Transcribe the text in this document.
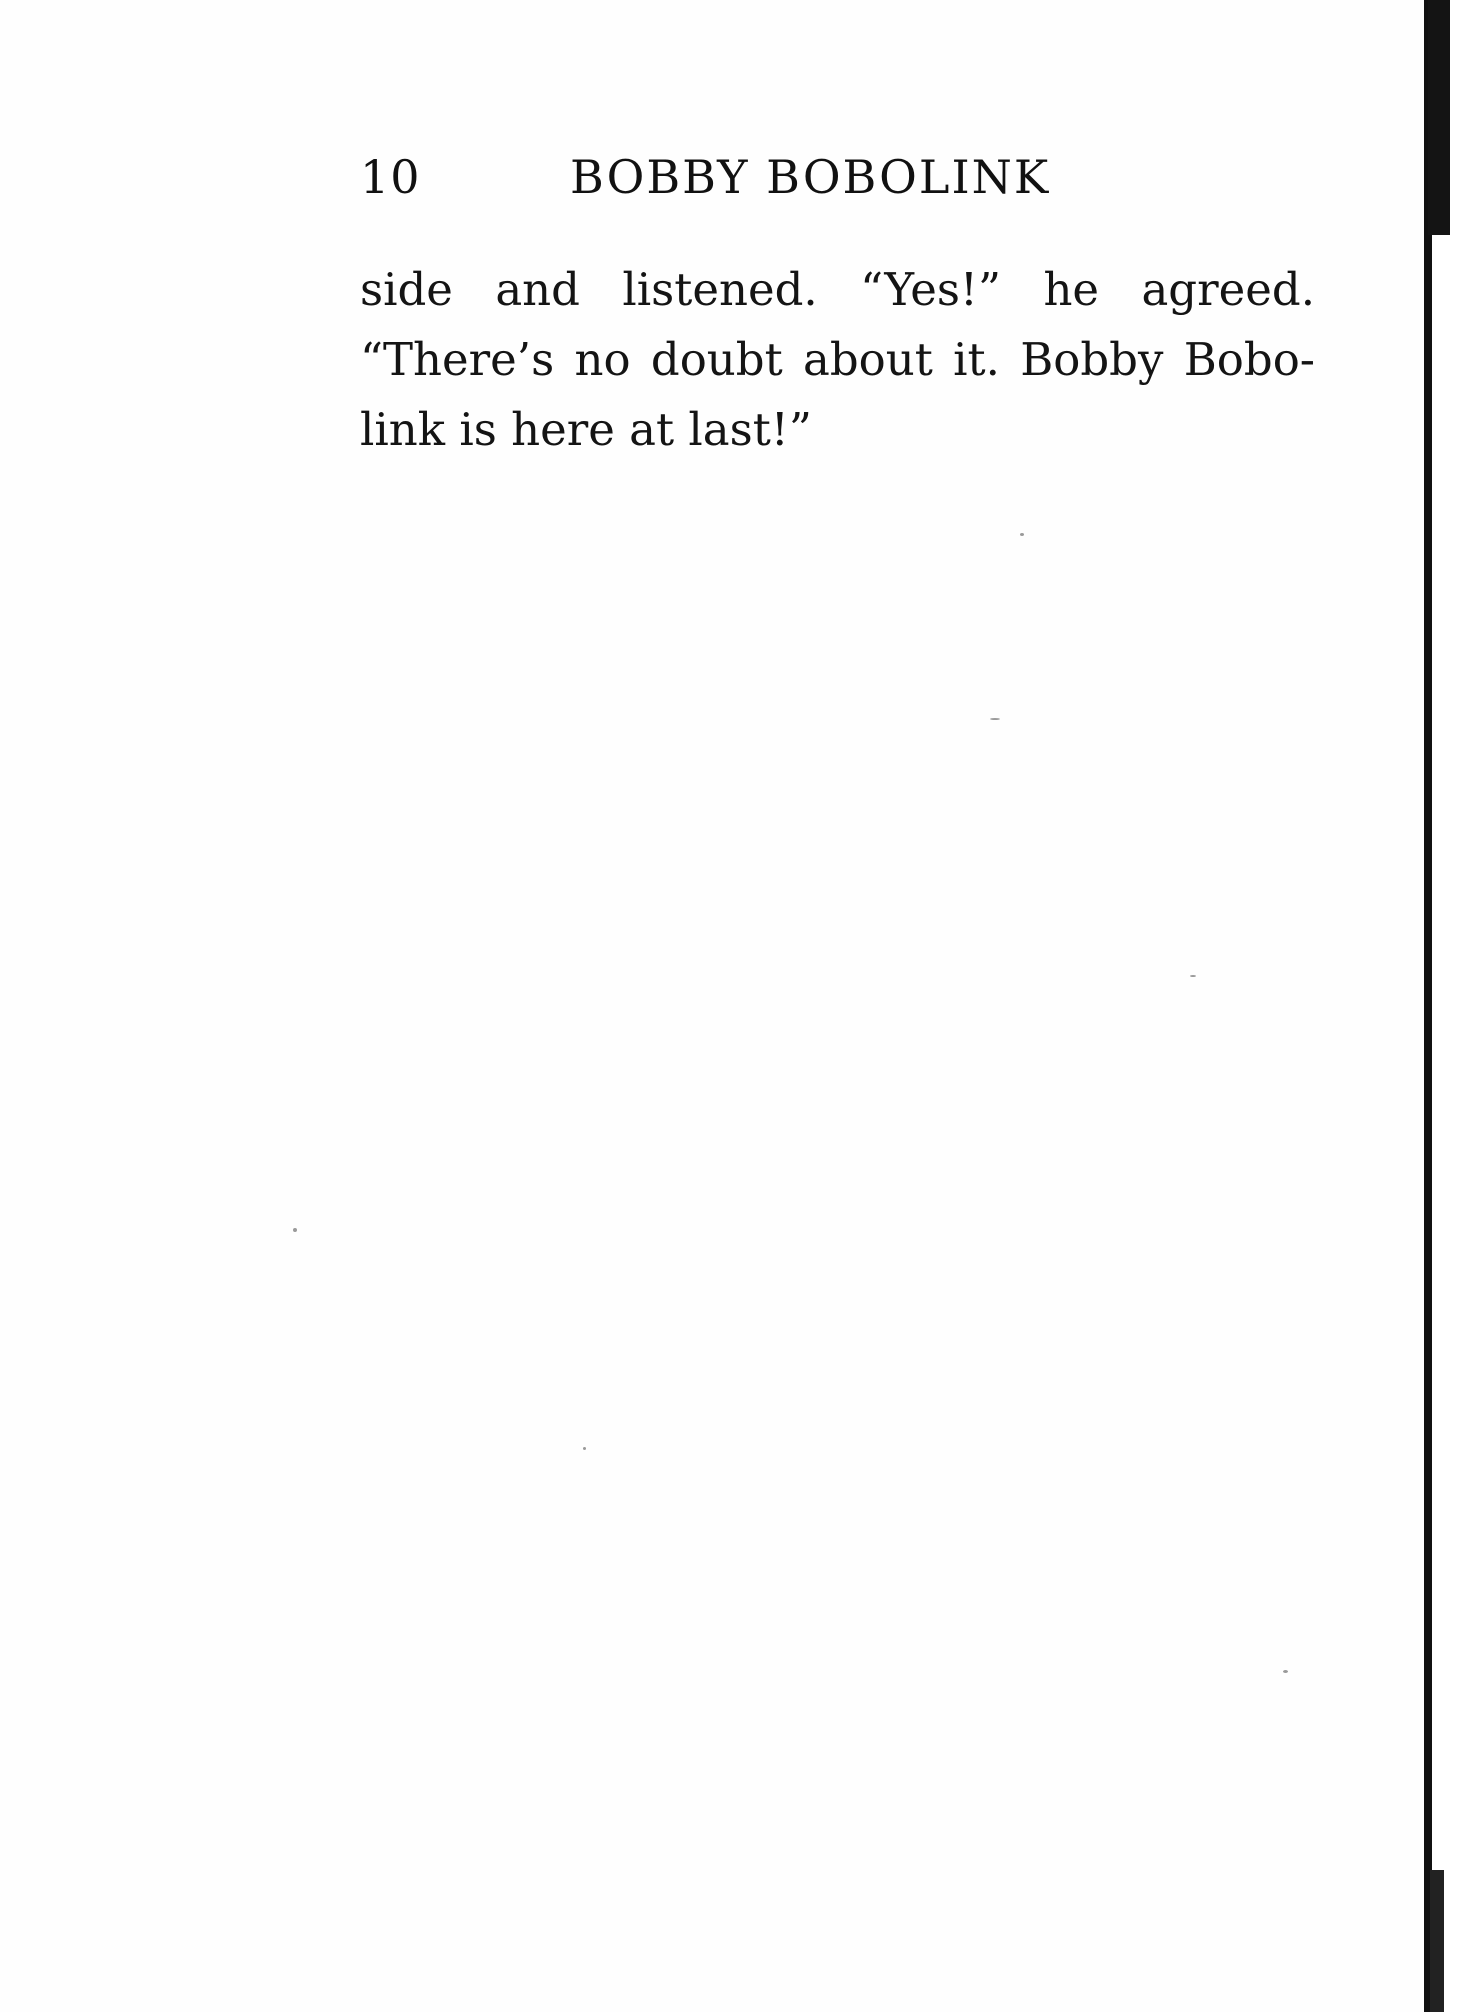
10	BOBBY BOBOLINK
side and listened. “Yes!” he agreed.
“There’s no doubt about it. Bobby Bobo-
link is here at last!”
